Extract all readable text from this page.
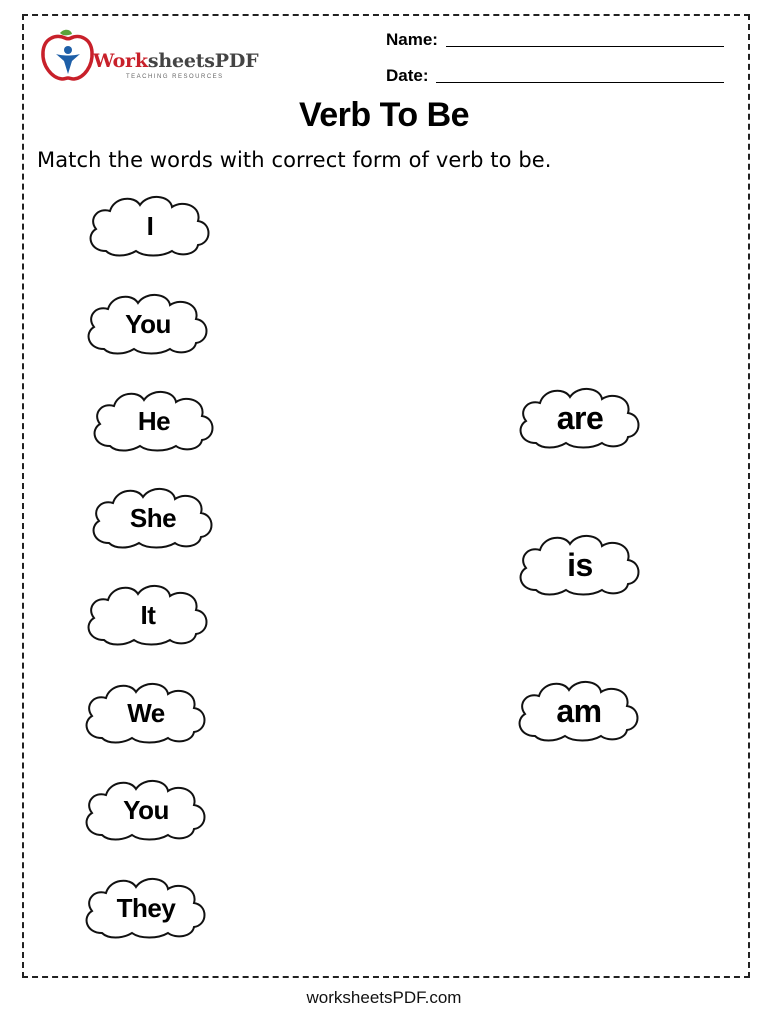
WorksheetsPDF
TEACHING RESOURCES
Name:
Date:
Verb To Be
Match the words with correct form of verb to be.
I
You
He
She
It
We
You
They
are
is
am
worksheetsPDF.com
